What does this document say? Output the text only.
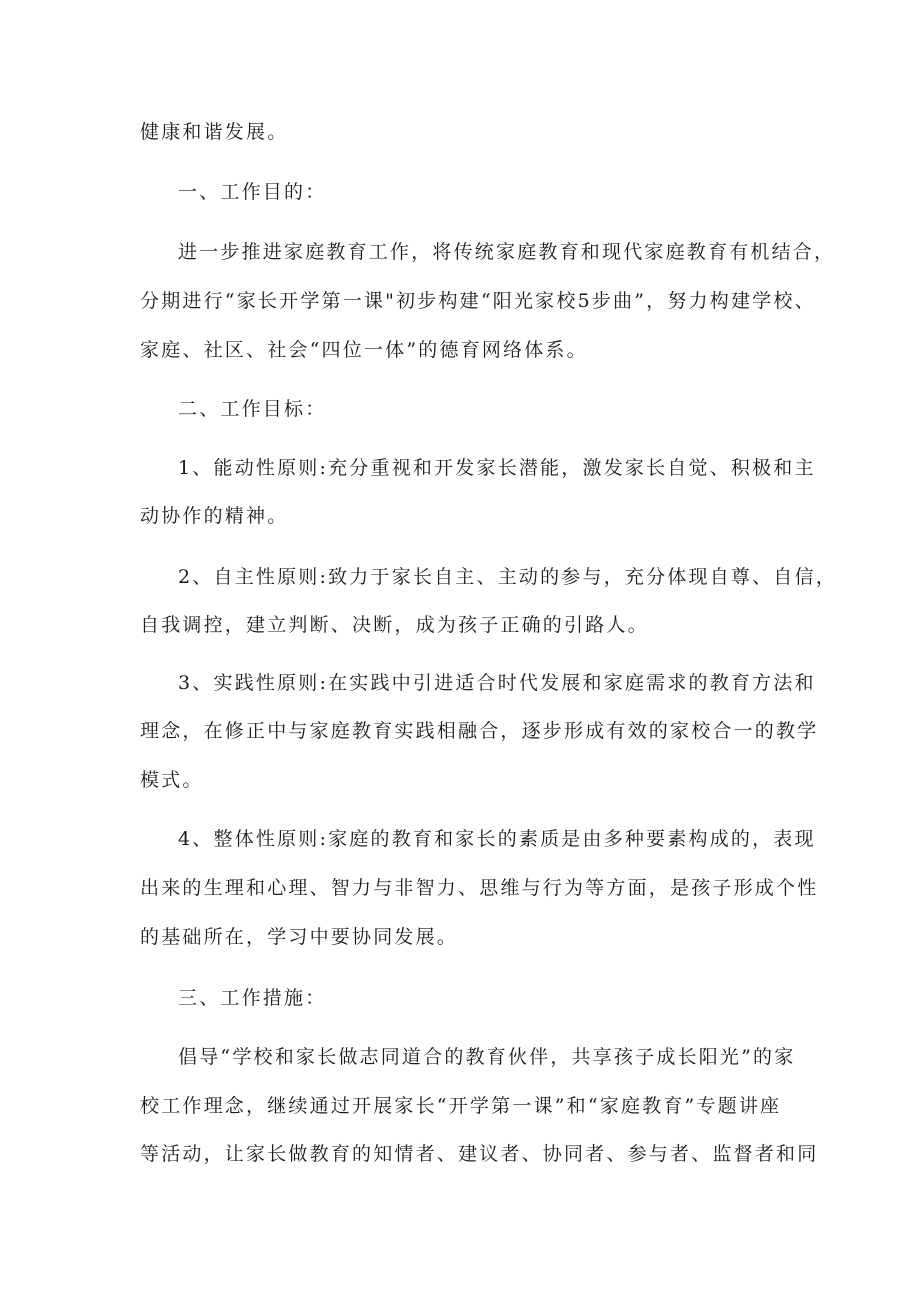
健康和谐发展。
一、工作目的：
进一步推进家庭教育工作，将传统家庭教育和现代家庭教育有机结合，
分期进行“家长开学第一课"初步构建“阳光家校5步曲”，努力构建学校、
家庭、社区、社会“四位一体”的德育网络体系。
二、工作目标：
1、能动性原则:充分重视和开发家长潜能，激发家长自觉、积极和主
动协作的精神。
2、自主性原则:致力于家长自主、主动的参与，充分体现自尊、自信，
自我调控，建立判断、决断，成为孩子正确的引路人。
3、实践性原则:在实践中引进适合时代发展和家庭需求的教育方法和
理念，在修正中与家庭教育实践相融合，逐步形成有效的家校合一的教学
模式。
4、整体性原则:家庭的教育和家长的素质是由多种要素构成的，表现
出来的生理和心理、智力与非智力、思维与行为等方面，是孩子形成个性
的基础所在，学习中要协同发展。
三、工作措施：
倡导“学校和家长做志同道合的教育伙伴，共享孩子成长阳光”的家
校工作理念，继续通过开展家长“开学第一课”和“家庭教育”专题讲座
等活动，让家长做教育的知情者、建议者、协同者、参与者、监督者和同
